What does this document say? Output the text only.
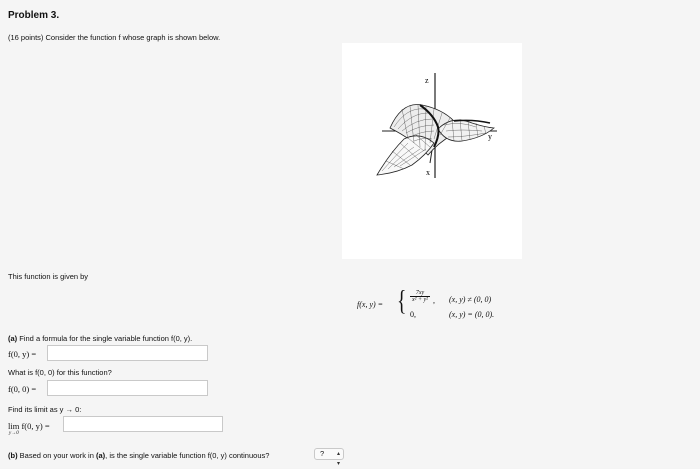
Problem 3.
(16 points) Consider the function f whose graph is shown below.
z
x
y
This function is given by
f(x, y) = { $\frac{7xy}{\text{x² + y²}}$ ,
0,
(x, y) ≠ (0, 0)
(x, y) = (0, 0).
(a) Find a formula for the single variable function f(0, y).
f(0, y) =
What is f(0, 0) for this function?
f(0, 0) =
Find its limit as y → 0:
lim f(0, y) =
y→0
(b) Based on your work in (a), is the single variable function f(0, y) continuous?	? ▴
▾
